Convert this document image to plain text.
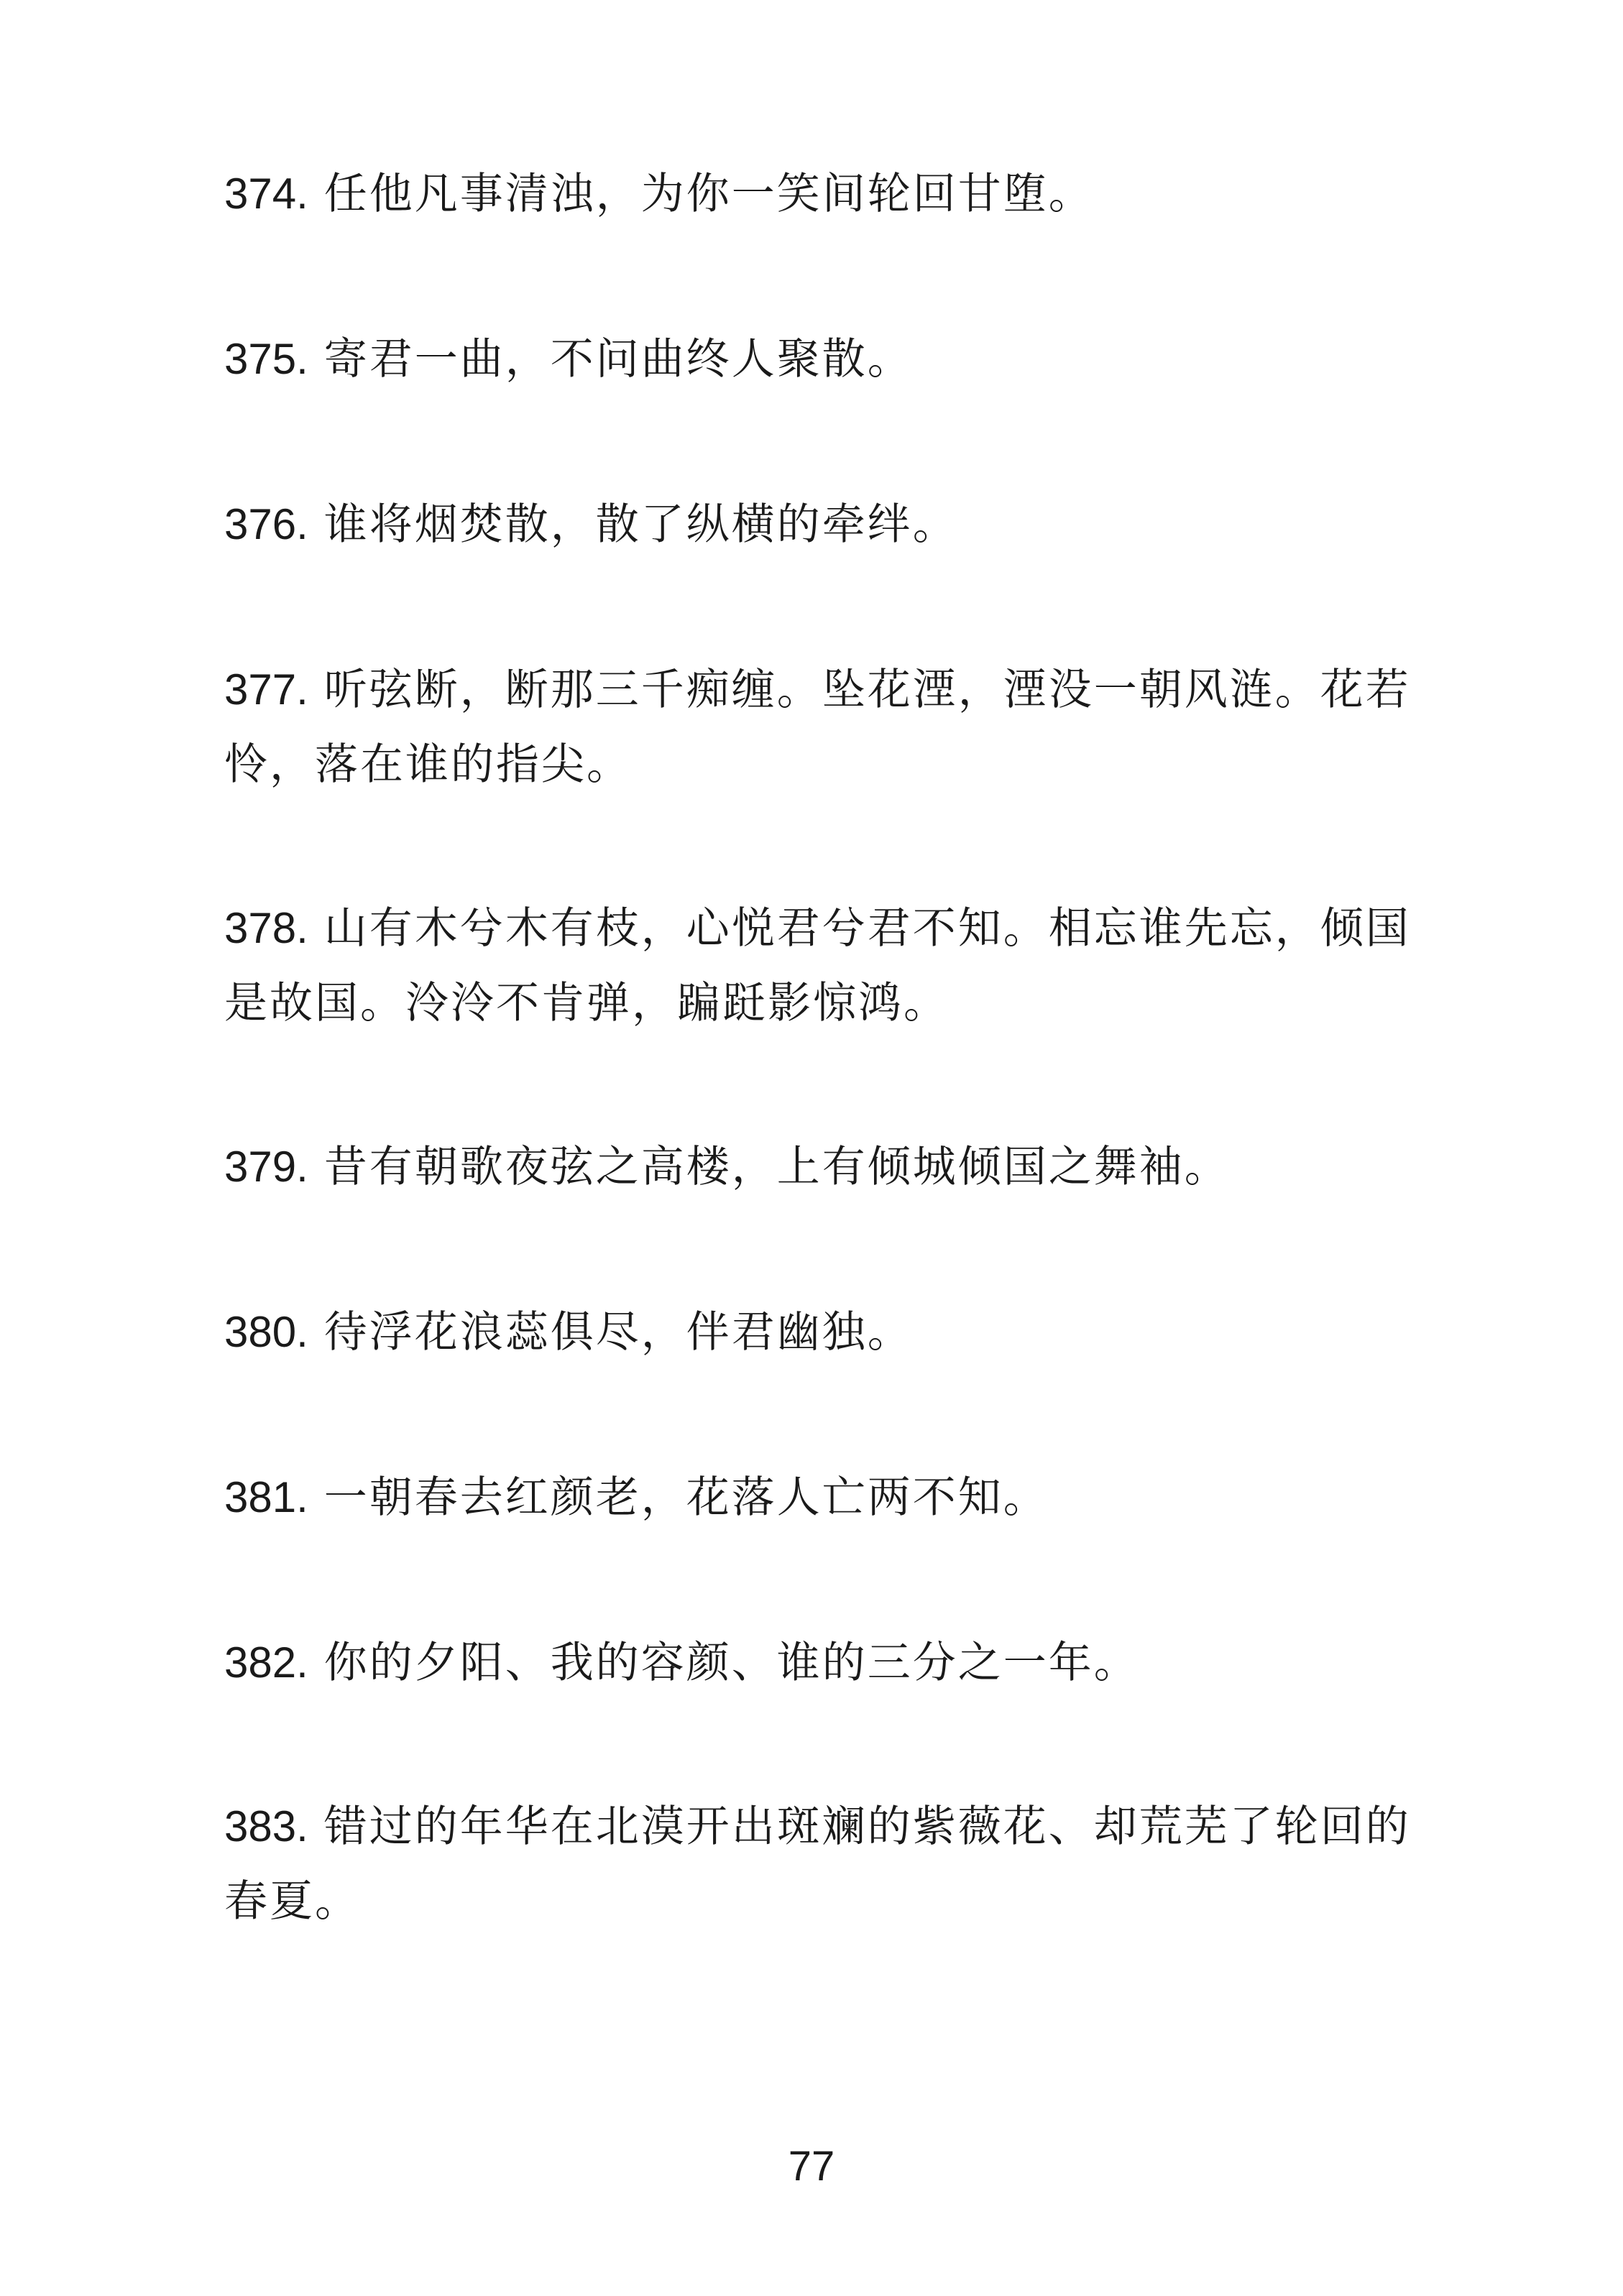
374. 任他凡事清浊，为你一笑间轮回甘堕。

375. 寄君一曲，不问曲终人聚散。

376. 谁将烟焚散，散了纵横的牵绊。

377. 听弦断，断那三千痴缠。坠花湮，湮没一朝风涟。花若怜，落在谁的指尖。

378. 山有木兮木有枝，心悦君兮君不知。相忘谁先忘，倾国是故国。泠泠不肯弹，蹁跹影惊鸿。

379. 昔有朝歌夜弦之高楼，上有倾城倾国之舞袖。

380. 待浮花浪蕊俱尽，伴君幽独。

381. 一朝春去红颜老，花落人亡两不知。

382. 你的夕阳、我的容颜、谁的三分之一年。

383. 错过的年华在北漠开出斑斓的紫薇花、却荒芜了轮回的春夏。

77
